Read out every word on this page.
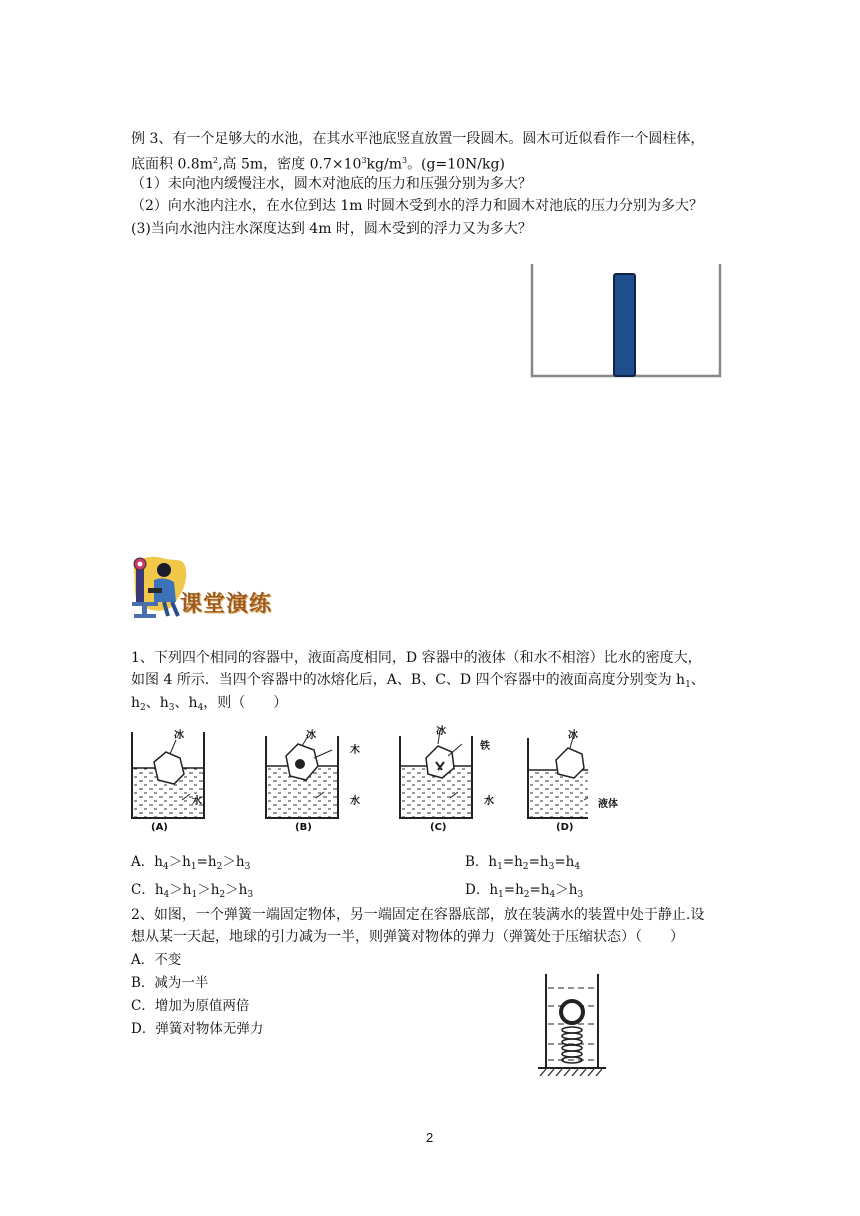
例 3、有一个足够大的水池，在其水平池底竖直放置一段圆木。圆木可近似看作一个圆柱体，
底面积 $0.8m^2$,高 5m，密度 $0.7\times 10^3kg/m^3$。(g=10N/kg)
（1）未向池内缓慢注水，圆木对池底的压力和压强分别为多大？
（2）向水池内注水，在水位到达 1m 时圆木受到水的浮力和圆木对池底的压力分别为多大？
(3)当向水池内注水深度达到 4m 时，圆木受到的浮力又为多大？
课堂演练
1、下列四个相同的容器中，液面高度相同，D 容器中的液体（和水不相溶）比水的密度大，
如图 4 所示．当四个容器中的冰熔化后，A、B、C、D 四个容器中的液面高度分别变为 $h_1$、
$h_2$、$h_3$、$h_4$，则（　　）
冰
水
(A)
冰
木
水
(B)
冰
铁
水
(C)
冰
液体
(D)
A．$h_4>h_1=h_2>h_3$	B．$h_1=h_2=h_3=h_4$
C．$h_4>h_1>h_2>h_3$	D．$h_1=h_2=h_4>h_3$
2、如图，一个弹簧一端固定物体，另一端固定在容器底部，放在装满水的装置中处于静止.设
想从某一天起，地球的引力减为一半，则弹簧对物体的弹力（弹簧处于压缩状态）（　　）
A．不变
B．减为一半
C．增加为原值两倍
D．弹簧对物体无弹力
2
